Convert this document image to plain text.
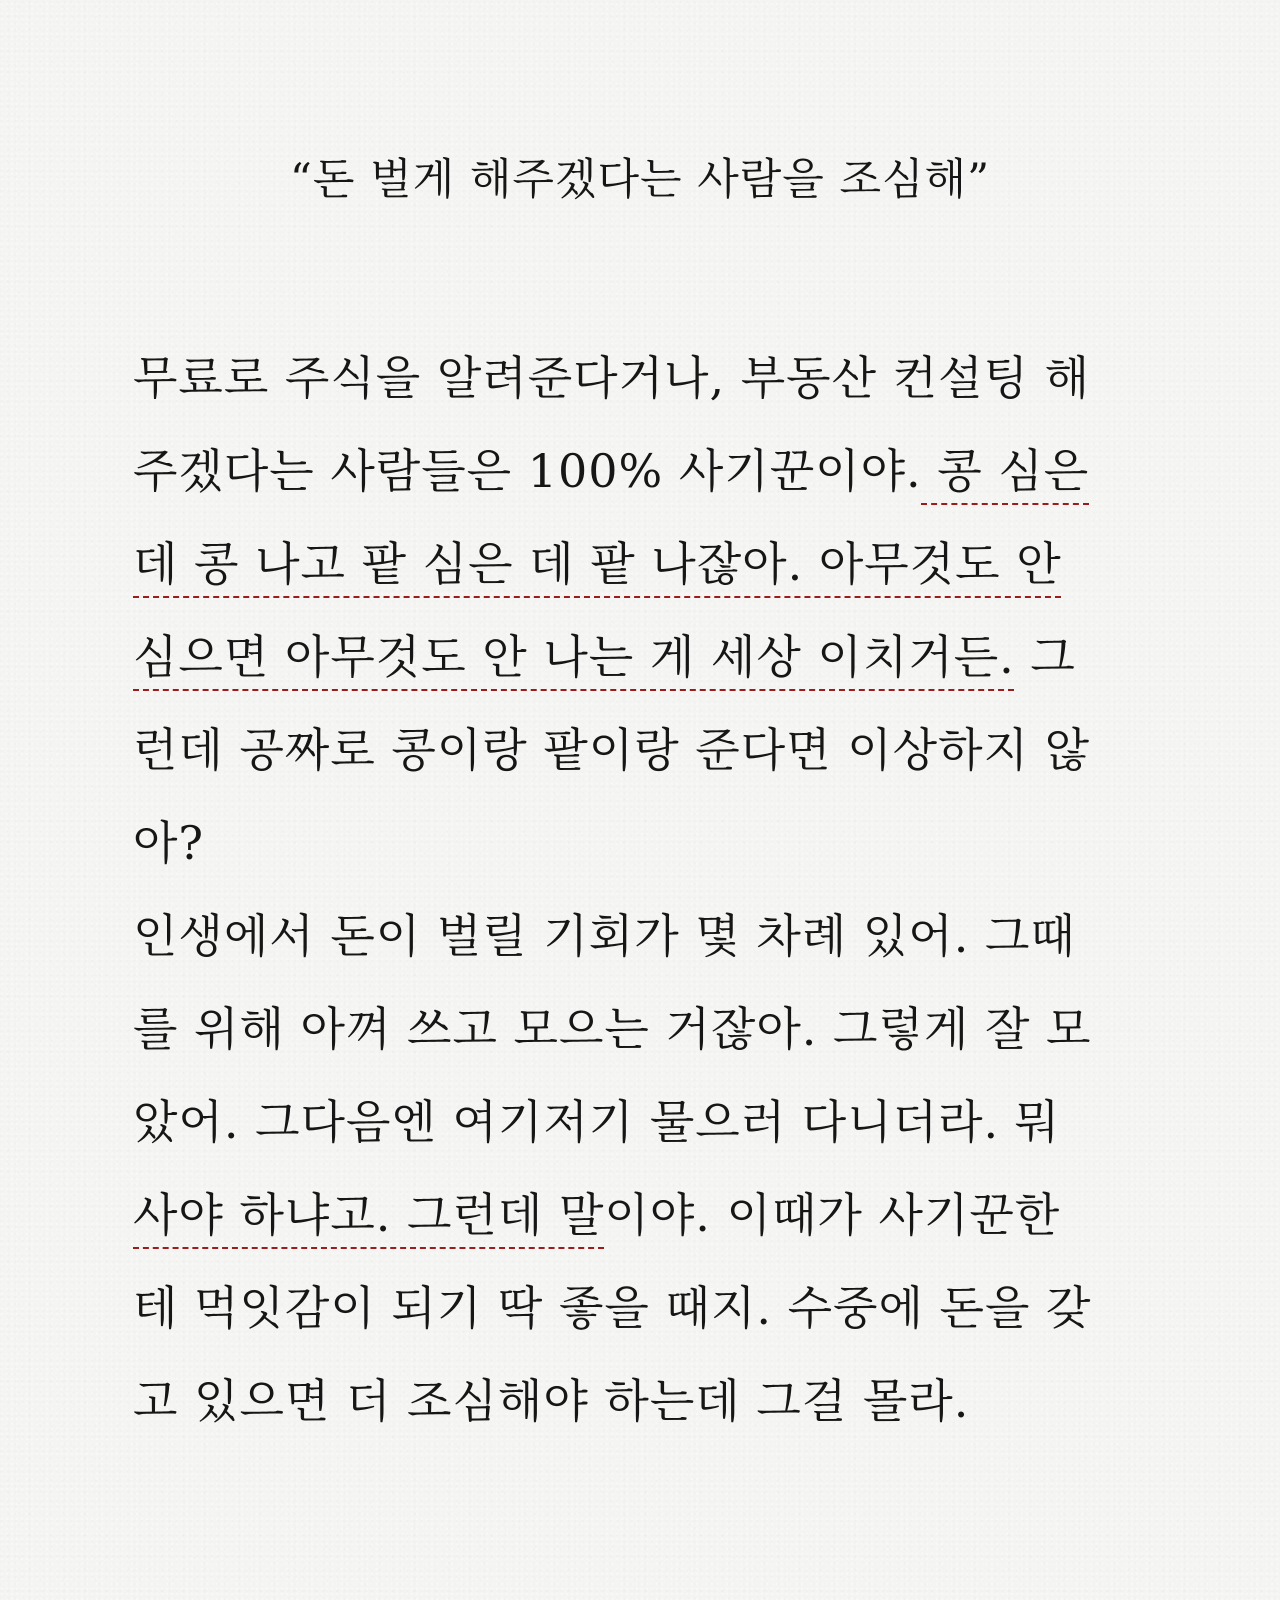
“돈 벌게 해주겠다는 사람을 조심해”
무료로 주식을 알려준다거나, 부동산 컨설팅 해
주겠다는 사람들은 100% 사기꾼이야. 콩 심은
데 콩 나고 팥 심은 데 팥 나잖아. 아무것도 안
심으면 아무것도 안 나는 게 세상 이치거든. 그
런데 공짜로 콩이랑 팥이랑 준다면 이상하지 않
아?
인생에서 돈이 벌릴 기회가 몇 차례 있어. 그때
를 위해 아껴 쓰고 모으는 거잖아. 그렇게 잘 모
았어. 그다음엔 여기저기 물으러 다니더라. 뭐
사야 하냐고. 그런데 말이야. 이때가 사기꾼한
테 먹잇감이 되기 딱 좋을 때지. 수중에 돈을 갖
고 있으면 더 조심해야 하는데 그걸 몰라.
